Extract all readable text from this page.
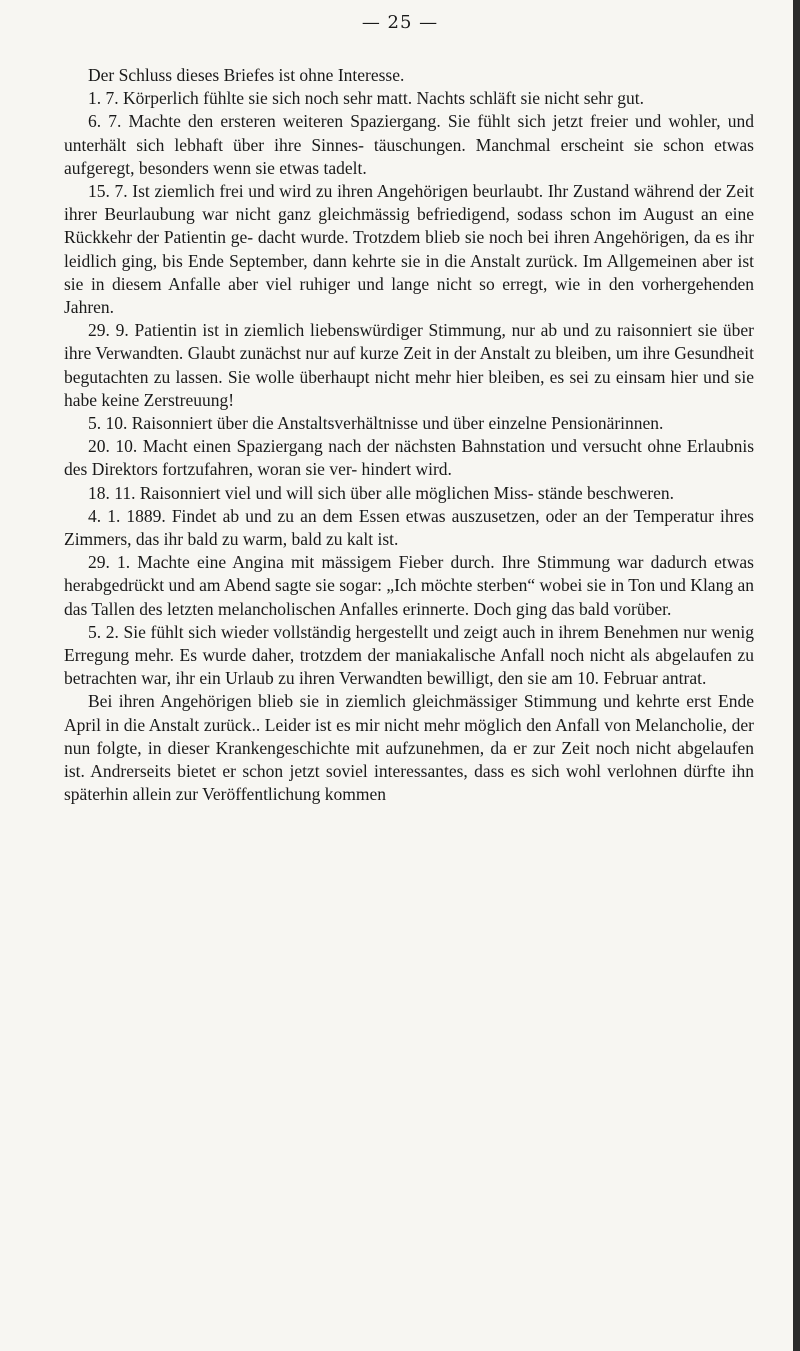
— 25 —

Der Schluss dieses Briefes ist ohne Interesse.

1. 7. Körperlich fühlte sie sich noch sehr matt. Nachts schläft sie nicht sehr gut.

6. 7. Machte den ersteren weiteren Spaziergang. Sie fühlt sich jetzt freier und wohler, und unterhält sich lebhaft über ihre Sinnes- täuschungen. Manchmal erscheint sie schon etwas aufgeregt, besonders wenn sie etwas tadelt.

15. 7. Ist ziemlich frei und wird zu ihren Angehörigen beurlaubt. Ihr Zustand während der Zeit ihrer Beurlaubung war nicht ganz gleichmässig befriedigend, sodass schon im August an eine Rückkehr der Patientin ge- dacht wurde. Trotzdem blieb sie noch bei ihren Angehörigen, da es ihr leidlich ging, bis Ende September, dann kehrte sie in die Anstalt zurück. Im Allgemeinen aber ist sie in diesem Anfalle aber viel ruhiger und lange nicht so erregt, wie in den vorhergehenden Jahren.

29. 9. Patientin ist in ziemlich liebenswürdiger Stimmung, nur ab und zu raisonniert sie über ihre Verwandten. Glaubt zunächst nur auf kurze Zeit in der Anstalt zu bleiben, um ihre Gesundheit begutachten zu lassen. Sie wolle überhaupt nicht mehr hier bleiben, es sei zu einsam hier und sie habe keine Zerstreuung!

5. 10. Raisonniert über die Anstaltsverhältnisse und über einzelne Pensionärinnen.

20. 10. Macht einen Spaziergang nach der nächsten Bahnstation und versucht ohne Erlaubnis des Direktors fortzufahren, woran sie ver- hindert wird.

18. 11. Raisonniert viel und will sich über alle möglichen Miss- stände beschweren.

4. 1. 1889. Findet ab und zu an dem Essen etwas auszusetzen, oder an der Temperatur ihres Zimmers, das ihr bald zu warm, bald zu kalt ist.

29. 1. Machte eine Angina mit mässigem Fieber durch. Ihre Stimmung war dadurch etwas herabgedrückt und am Abend sagte sie sogar: „Ich möchte sterben“ wobei sie in Ton und Klang an das Tallen des letzten melancholischen Anfalles erinnerte. Doch ging das bald vorüber.

5. 2. Sie fühlt sich wieder vollständig hergestellt und zeigt auch in ihrem Benehmen nur wenig Erregung mehr. Es wurde daher, trotzdem der maniakalische Anfall noch nicht als abgelaufen zu betrachten war, ihr ein Urlaub zu ihren Verwandten bewilligt, den sie am 10. Februar antrat.

Bei ihren Angehörigen blieb sie in ziemlich gleichmässiger Stimmung und kehrte erst Ende April in die Anstalt zurück.. Leider ist es mir nicht mehr möglich den Anfall von Melancholie, der nun folgte, in dieser Krankengeschichte mit aufzunehmen, da er zur Zeit noch nicht abgelaufen ist. Andrerseits bietet er schon jetzt soviel interessantes, dass es sich wohl verlohnen dürfte ihn späterhin allein zur Veröffentlichung kommen
